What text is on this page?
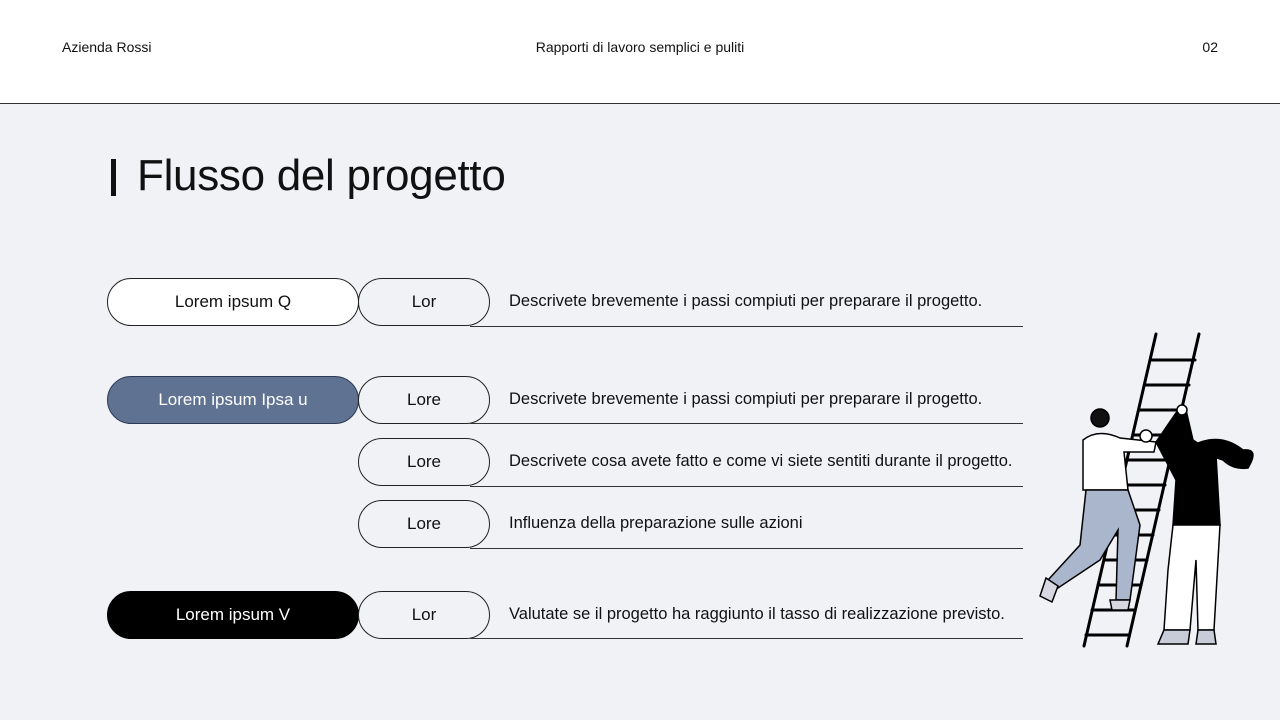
Azienda Rossi	Rapporti di lavoro semplici e puliti	02
Flusso del progetto
Lorem ipsum Q	Lor	Descrivete brevemente i passi compiuti per preparare il progetto.
Lorem ipsum Ipsa u	Lore	Descrivete brevemente i passi compiuti per preparare il progetto.
Lore	Descrivete cosa avete fatto e come vi siete sentiti durante il progetto.
Lore	Influenza della preparazione sulle azioni
Lorem ipsum V	Lor	Valutate se il progetto ha raggiunto il tasso di realizzazione previsto.
